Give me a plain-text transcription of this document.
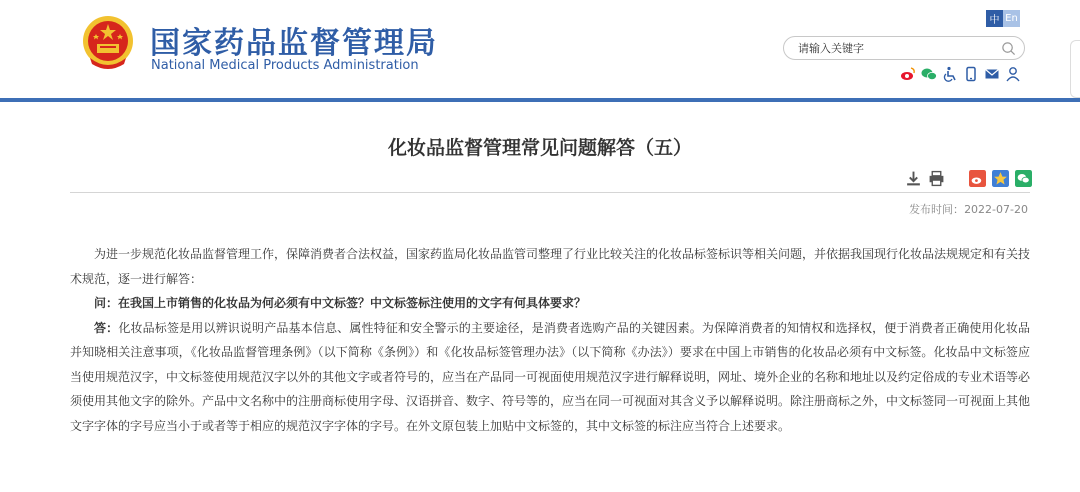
国家药品监督管理局
National Medical Products Administration
中 En
请输入关键字
化妆品监督管理常见问题解答（五）
发布时间：2022-07-20

为进一步规范化妆品监督管理工作，保障消费者合法权益，国家药监局化妆品监管司整理了行业比较关注的化妆品标签标识等相关问题，并依据我国现行化妆品法规规定和有关技术规范，逐一进行解答：

问：在我国上市销售的化妆品为何必须有中文标签？中文标签标注使用的文字有何具体要求？

答：化妆品标签是用以辨识说明产品基本信息、属性特征和安全警示的主要途径，是消费者选购产品的关键因素。为保障消费者的知情权和选择权，便于消费者正确使用化妆品并知晓相关注意事项，《化妆品监督管理条例》（以下简称《条例》）和《化妆品标签管理办法》（以下简称《办法》）要求在中国上市销售的化妆品必须有中文标签。化妆品中文标签应当使用规范汉字，中文标签使用规范汉字以外的其他文字或者符号的，应当在产品同一可视面使用规范汉字进行解释说明，网址、境外企业的名称和地址以及约定俗成的专业术语等必须使用其他文字的除外。产品中文名称中的注册商标使用字母、汉语拼音、数字、符号等的，应当在同一可视面对其含义予以解释说明。除注册商标之外，中文标签同一可视面上其他文字字体的字号应当小于或者等于相应的规范汉字字体的字号。在外文原包装上加贴中文标签的，其中文标签的标注应当符合上述要求。
